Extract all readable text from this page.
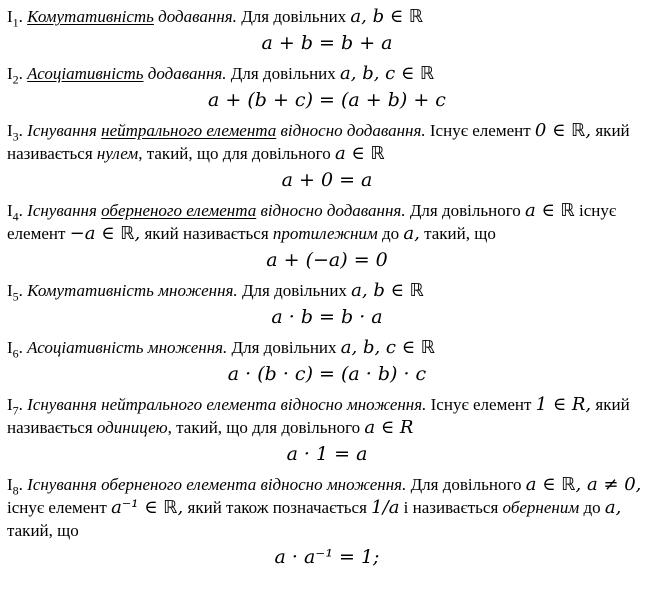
$I_1$. Комутативність додавання. Для довільних a, b ∈ ℝ
a + b = b + a
$I_2$. Асоціативність додавання. Для довільних a, b, c ∈ ℝ
a + (b + c) = (a + b) + c
$I_3$. Існування нейтрального елемента відносно додавання. Існує елемент 0 ∈ ℝ, який називається нулем, такий, що для довільного a ∈ ℝ
a + 0 = a
$I_4$. Існування оберненого елемента відносно додавання. Для довільного a ∈ ℝ існує елемент −a ∈ ℝ, який називається протилежним до a, такий, що
a + (−a) = 0
$I_5$. Комутативність множення. Для довільних a, b ∈ ℝ
a · b = b · a
$I_6$. Асоціативність множення. Для довільних a, b, c ∈ ℝ
a · (b · c) = (a · b) · c
$I_7$. Існування нейтрального елемента відносно множення. Існує елемент 1 ∈ R, який називається одиницею, такий, що для довільного a ∈ R
a · 1 = a
$I_8$. Існування оберненого елемента відносно множення. Для довільного a ∈ ℝ, a ≠ 0, існує елемент a⁻¹ ∈ ℝ, який також позначається 1/a і називається оберненим до a, такий, що
a · a⁻¹ = 1;
